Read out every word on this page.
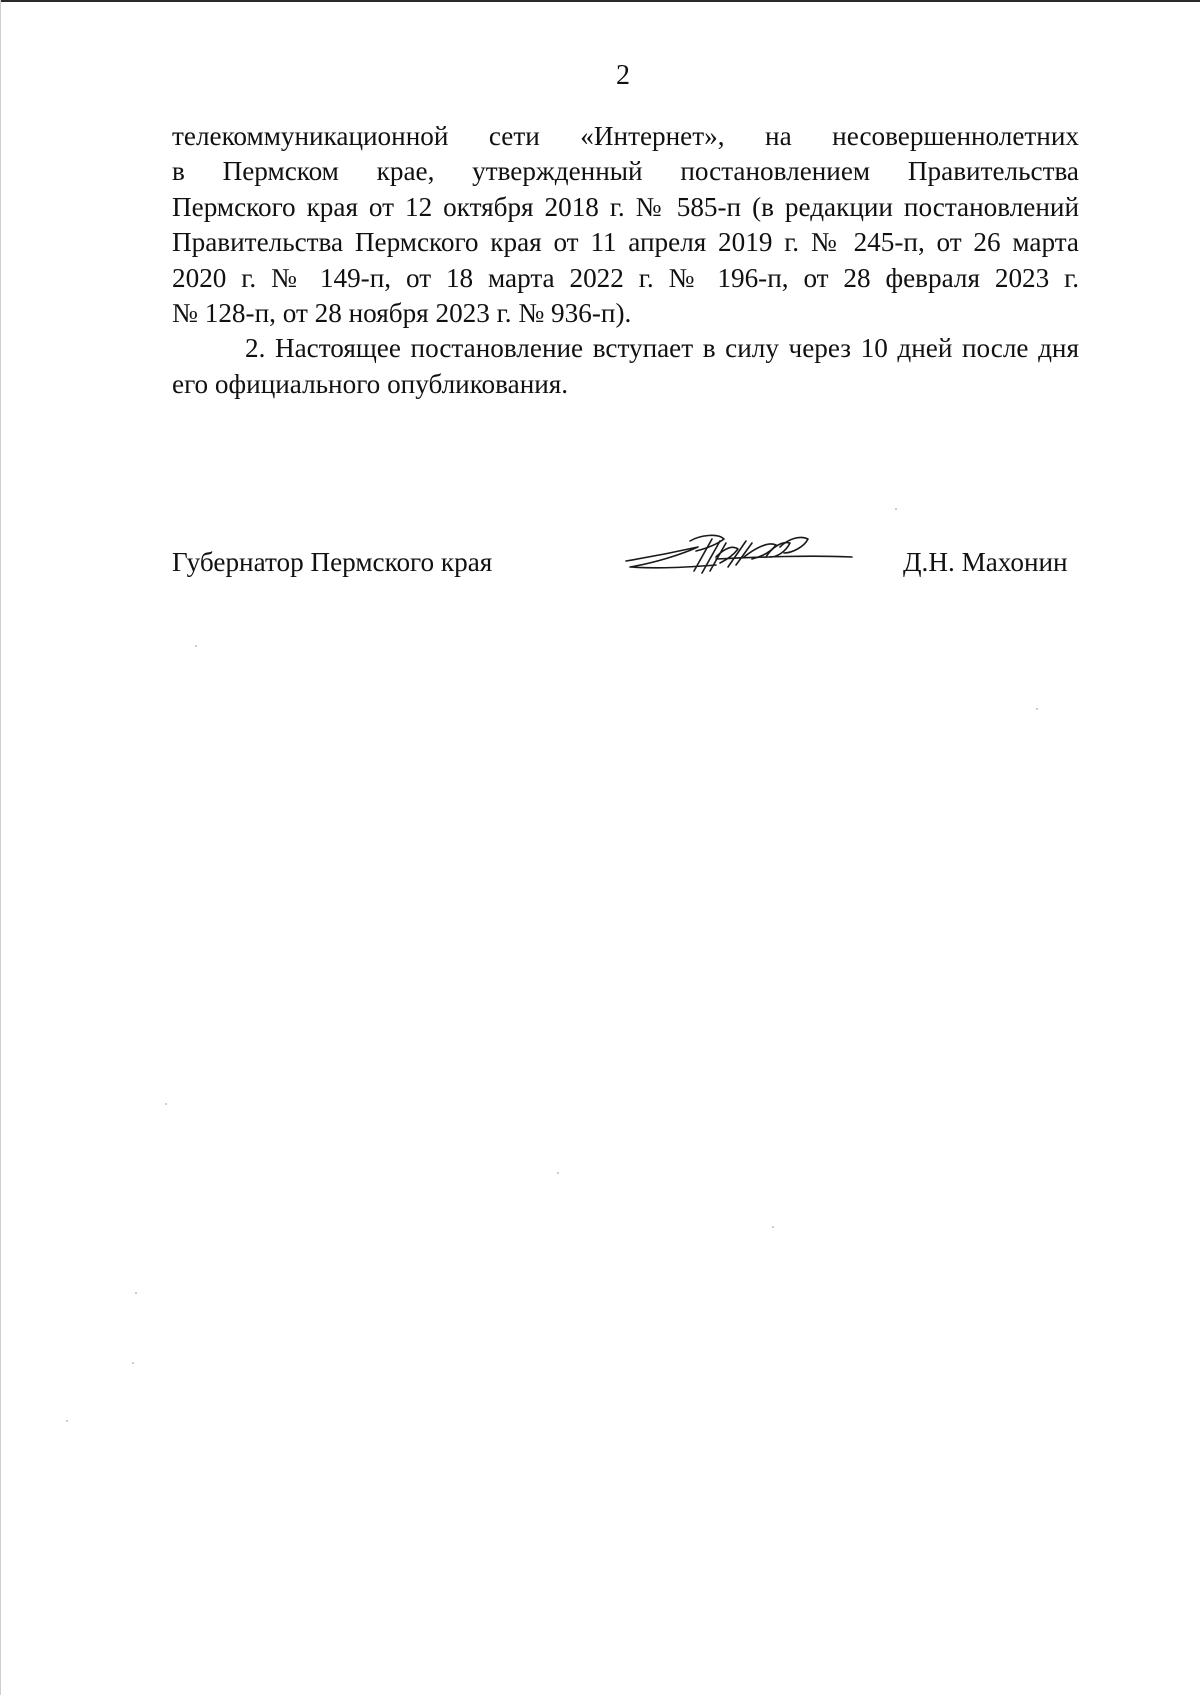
2

телекоммуникационной сети «Интернет», на несовершеннолетних
в Пермском крае, утвержденный постановлением Правительства
Пермского края от 12 октября 2018 г. № 585-п (в редакции постановлений
Правительства Пермского края от 11 апреля 2019 г. № 245-п, от 26 марта
2020 г. № 149-п, от 18 марта 2022 г. № 196-п, от 28 февраля 2023 г.
№ 128-п, от 28 ноября 2023 г. № 936-п).

2. Настоящее постановление вступает в силу через 10 дней после дня
его официального опубликования.

Губернатор Пермского края	Д.Н. Махонин
